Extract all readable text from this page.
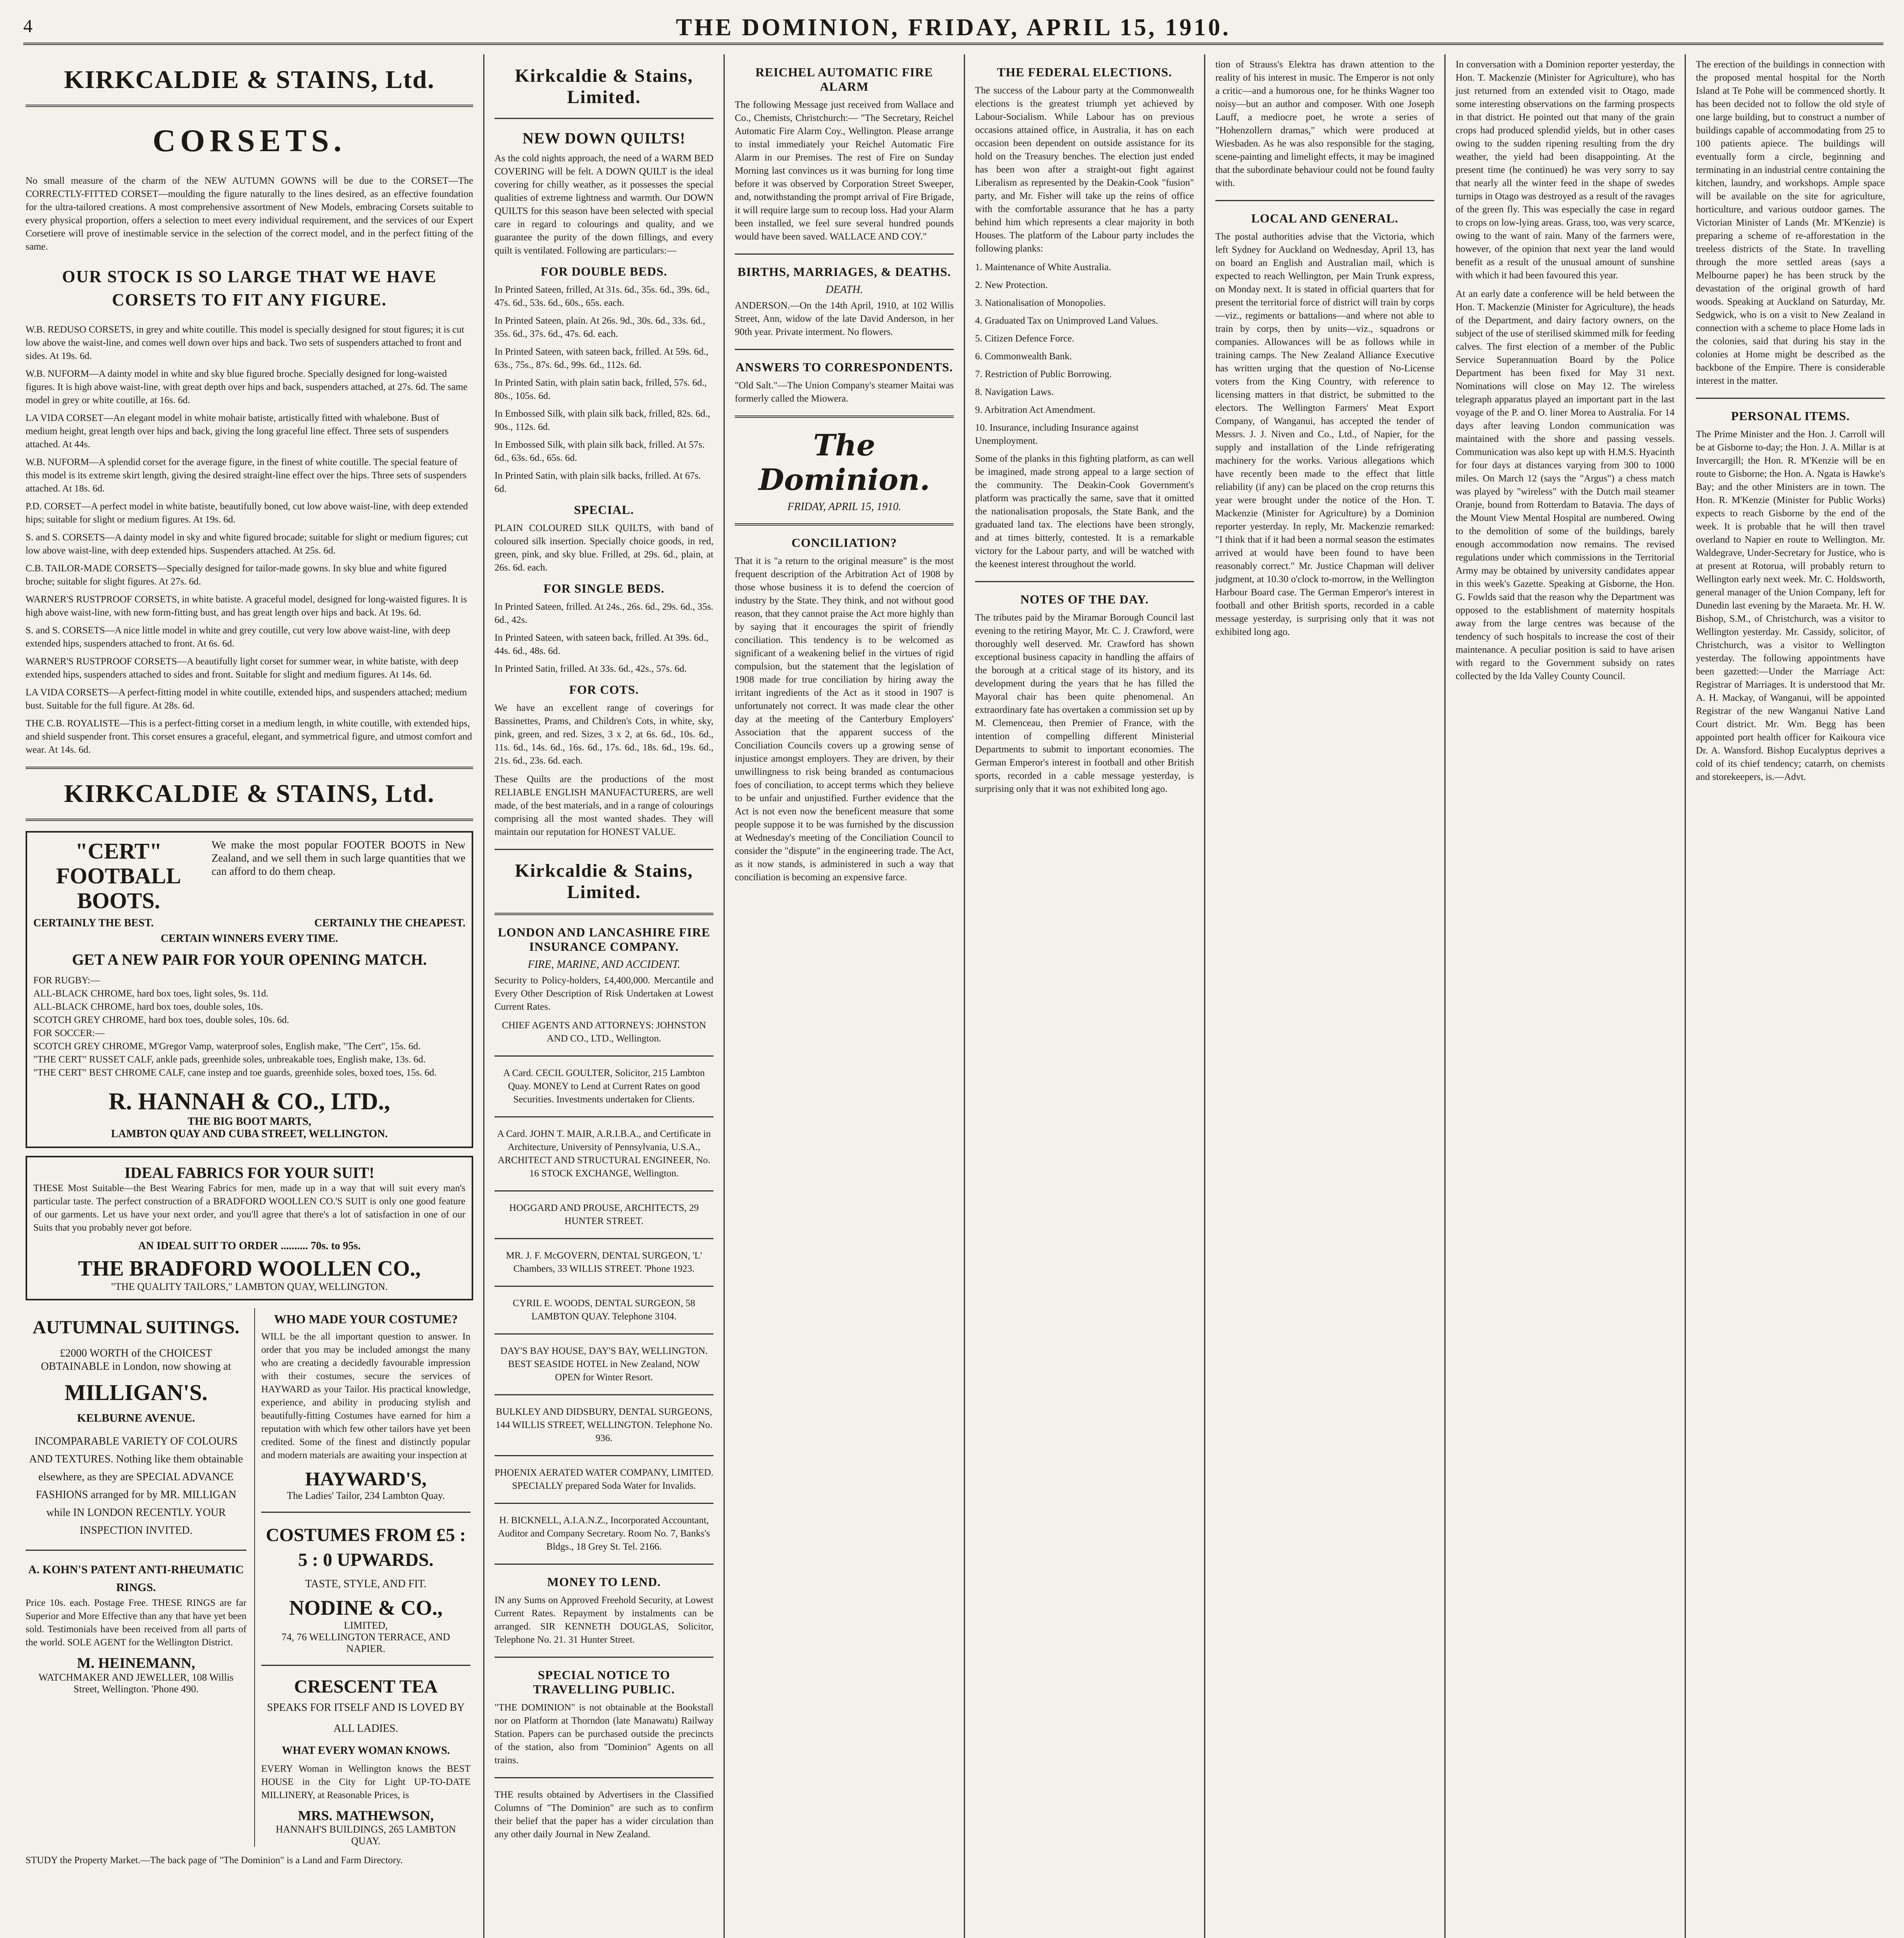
4	THE DOMINION, FRIDAY, APRIL 15, 1910.
KIRKCALDIE & STAINS, Ltd.
CORSETS.

No small measure of the charm of the NEW AUTUMN GOWNS will be due to the CORSET—The CORRECTLY-FITTED CORSET—moulding the figure naturally to the lines desired, as an effective foundation for the ultra-tailored creations. A most comprehensive assortment of New Models, embracing Corsets suitable to every physical proportion, offers a selection to meet every individual requirement, and the services of our Expert Corsetiere will prove of inestimable service in the selection of the correct model, and in the perfect fitting of the same.

OUR STOCK IS SO LARGE THAT WE HAVE CORSETS TO FIT ANY FIGURE.

W.B. REDUSO CORSETS, in grey and white coutille. This model is specially designed for stout figures; it is cut low above the waist-line, and comes well down over hips and back. Two sets of suspenders attached to front and sides. At 19s. 6d.

W.B. NUFORM—A dainty model in white and sky blue figured broche. Specially designed for long-waisted figures. It is high above waist-line, with great depth over hips and back, suspenders attached, at 27s. 6d. The same model in grey or white coutille, at 16s. 6d.

LA VIDA CORSET—An elegant model in white mohair batiste, artistically fitted with whalebone. Bust of medium height, great length over hips and back, giving the long graceful line effect. Three sets of suspenders attached. At 44s.

W.B. NUFORM—A splendid corset for the average figure, in the finest of white coutille. The special feature of this model is its extreme skirt length, giving the desired straight-line effect over the hips. Three sets of suspenders attached. At 18s. 6d.

P.D. CORSET—A perfect model in white batiste, beautifully boned, cut low above waist-line, with deep extended hips; suitable for slight or medium figures. At 19s. 6d.

S. and S. CORSETS—A dainty model in sky and white figured brocade; suitable for slight or medium figures; cut low above waist-line, with deep extended hips. Suspenders attached. At 25s. 6d.

C.B. TAILOR-MADE CORSETS—Specially designed for tailor-made gowns. In sky blue and white figured broche; suitable for slight figures. At 27s. 6d.

WARNER'S RUSTPROOF CORSETS, in white batiste. A graceful model, designed for long-waisted figures. It is high above waist-line, with new form-fitting bust, and has great length over hips and back. At 19s. 6d.

S. and S. CORSETS—A nice little model in white and grey coutille, cut very low above waist-line, with deep extended hips, suspenders attached to front. At 6s. 6d.

WARNER'S RUSTPROOF CORSETS—A beautifully light corset for summer wear, in white batiste, with deep extended hips, suspenders attached to sides and front. Suitable for slight and medium figures. At 14s. 6d.

LA VIDA CORSETS—A perfect-fitting model in white coutille, extended hips, and suspenders attached; medium bust. Suitable for the full figure. At 28s. 6d.

THE C.B. ROYALISTE—This is a perfect-fitting corset in a medium length, in white coutille, with extended hips, and shield suspender front. This corset ensures a graceful, elegant, and symmetrical figure, and utmost comfort and wear. At 14s. 6d.

KIRKCALDIE & STAINS, Ltd.
"CERT" FOOTBALL BOOTS.
We make the most popular FOOTER BOOTS in New Zealand, and we sell them in such large quantities that we can afford to do them cheap.
CERTAINLY THE BEST.	CERTAINLY THE CHEAPEST.
CERTAIN WINNERS EVERY TIME.
GET A NEW PAIR FOR YOUR OPENING MATCH.
FOR RUGBY:—
ALL-BLACK CHROME, hard box toes, light soles, 9s. 11d.
ALL-BLACK CHROME, hard box toes, double soles, 10s.
SCOTCH GREY CHROME, hard box toes, double soles, 10s. 6d.
FOR SOCCER:—
SCOTCH GREY CHROME, M'Gregor Vamp, waterproof soles, English make, "The Cert", 15s. 6d.
"THE CERT" RUSSET CALF, ankle pads, greenhide soles, unbreakable toes, English make, 13s. 6d.
"THE CERT" BEST CHROME CALF, cane instep and toe guards, greenhide soles, boxed toes, 15s. 6d.
R. HANNAH & CO., LTD.,
THE BIG BOOT MARTS,
LAMBTON QUAY AND CUBA STREET, WELLINGTON.
IDEAL FABRICS FOR YOUR SUIT!

THESE Most Suitable—the Best Wearing Fabrics for men, made up in a way that will suit every man's particular taste. The perfect construction of a BRADFORD WOOLLEN CO.'S SUIT is only one good feature of our garments. Let us have your next order, and you'll agree that there's a lot of satisfaction in one of our Suits that you probably never got before.

AN IDEAL SUIT TO ORDER .......... 70s. to 95s.
THE BRADFORD WOOLLEN CO.,
"THE QUALITY TAILORS," LAMBTON QUAY, WELLINGTON.
AUTUMNAL SUITINGS.

£2000 WORTH of the CHOICEST OBTAINABLE in London, now showing at

MILLIGAN'S.
KELBURNE AVENUE.

INCOMPARABLE VARIETY OF COLOURS AND TEXTURES. Nothing like them obtainable elsewhere, as they are SPECIAL ADVANCE FASHIONS arranged for by MR. MILLIGAN while IN LONDON RECENTLY. YOUR INSPECTION INVITED.

A. KOHN'S PATENT ANTI-RHEUMATIC RINGS.

Price 10s. each. Postage Free. THESE RINGS are far Superior and More Effective than any that have yet been sold. Testimonials have been received from all parts of the world. SOLE AGENT for the Wellington District.

M. HEINEMANN,
WATCHMAKER AND JEWELLER, 108 Willis Street, Wellington. 'Phone 490.
WHO MADE YOUR COSTUME?

WILL be the all important question to answer. In order that you may be included amongst the many who are creating a decidedly favourable impression with their costumes, secure the services of HAYWARD as your Tailor. His practical knowledge, experience, and ability in producing stylish and beautifully-fitting Costumes have earned for him a reputation with which few other tailors have yet been credited. Some of the finest and distinctly popular and modern materials are awaiting your inspection at

HAYWARD'S,
The Ladies' Tailor, 234 Lambton Quay.
COSTUMES FROM £5 : 5 : 0 UPWARDS.
TASTE, STYLE, AND FIT.
NODINE & CO.,
LIMITED,
74, 76 WELLINGTON TERRACE, AND NAPIER.
CRESCENT TEA
SPEAKS FOR ITSELF AND IS LOVED BY ALL LADIES.
WHAT EVERY WOMAN KNOWS.

EVERY Woman in Wellington knows the BEST HOUSE in the City for Light UP-TO-DATE MILLINERY, at Reasonable Prices, is

MRS. MATHEWSON,
HANNAH'S BUILDINGS, 265 LAMBTON QUAY.

STUDY the Property Market.—The back page of "The Dominion" is a Land and Farm Directory.

Kirkcaldie & Stains, Limited.
NEW DOWN QUILTS!

As the cold nights approach, the need of a WARM BED COVERING will be felt. A DOWN QUILT is the ideal covering for chilly weather, as it possesses the special qualities of extreme lightness and warmth. Our DOWN QUILTS for this season have been selected with special care in regard to colourings and quality, and we guarantee the purity of the down fillings, and every quilt is ventilated. Following are particulars:—

FOR DOUBLE BEDS.

In Printed Sateen, frilled, At 31s. 6d., 35s. 6d., 39s. 6d., 47s. 6d., 53s. 6d., 60s., 65s. each.

In Printed Sateen, plain. At 26s. 9d., 30s. 6d., 33s. 6d., 35s. 6d., 37s. 6d., 47s. 6d. each.

In Printed Sateen, with sateen back, frilled. At 59s. 6d., 63s., 75s., 87s. 6d., 99s. 6d., 112s. 6d.

In Printed Satin, with plain satin back, frilled, 57s. 6d., 80s., 105s. 6d.

In Embossed Silk, with plain silk back, frilled, 82s. 6d., 90s., 112s. 6d.

In Embossed Silk, with plain silk back, frilled. At 57s. 6d., 63s. 6d., 65s. 6d.

In Printed Satin, with plain silk backs, frilled. At 67s. 6d.

SPECIAL.

PLAIN COLOURED SILK QUILTS, with band of coloured silk insertion. Specially choice goods, in red, green, pink, and sky blue. Frilled, at 29s. 6d., plain, at 26s. 6d. each.

FOR SINGLE BEDS.

In Printed Sateen, frilled. At 24s., 26s. 6d., 29s. 6d., 35s. 6d., 42s.

In Printed Sateen, with sateen back, frilled. At 39s. 6d., 44s. 6d., 48s. 6d.

In Printed Satin, frilled. At 33s. 6d., 42s., 57s. 6d.

FOR COTS.

We have an excellent range of coverings for Bassinettes, Prams, and Children's Cots, in white, sky, pink, green, and red. Sizes, 3 x 2, at 6s. 6d., 10s. 6d., 11s. 6d., 14s. 6d., 16s. 6d., 17s. 6d., 18s. 6d., 19s. 6d., 21s. 6d., 23s. 6d. each.

These Quilts are the productions of the most RELIABLE ENGLISH MANUFACTURERS, are well made, of the best materials, and in a range of colourings comprising all the most wanted shades. They will maintain our reputation for HONEST VALUE.

Kirkcaldie & Stains, Limited.
LONDON AND LANCASHIRE FIRE INSURANCE COMPANY.
FIRE, MARINE, AND ACCIDENT.

Security to Policy-holders, £4,400,000. Mercantile and Every Other Description of Risk Undertaken at Lowest Current Rates.

CHIEF AGENTS AND ATTORNEYS: JOHNSTON AND CO., LTD., Wellington.

A Card. CECIL GOULTER, Solicitor, 215 Lambton Quay. MONEY to Lend at Current Rates on good Securities. Investments undertaken for Clients.

A Card. JOHN T. MAIR, A.R.I.B.A., and Certificate in Architecture, University of Pennsylvania, U.S.A., ARCHITECT AND STRUCTURAL ENGINEER, No. 16 STOCK EXCHANGE, Wellington.

HOGGARD AND PROUSE, ARCHITECTS, 29 HUNTER STREET.

MR. J. F. McGOVERN, DENTAL SURGEON, 'L' Chambers, 33 WILLIS STREET. 'Phone 1923.

CYRIL E. WOODS, DENTAL SURGEON, 58 LAMBTON QUAY. Telephone 3104.

DAY'S BAY HOUSE, DAY'S BAY, WELLINGTON. BEST SEASIDE HOTEL in New Zealand, NOW OPEN for Winter Resort.

BULKLEY AND DIDSBURY, DENTAL SURGEONS, 144 WILLIS STREET, WELLINGTON. Telephone No. 936.

PHOENIX AERATED WATER COMPANY, LIMITED. SPECIALLY prepared Soda Water for Invalids.

H. BICKNELL, A.I.A.N.Z., Incorporated Accountant, Auditor and Company Secretary. Room No. 7, Banks's Bldgs., 18 Grey St. Tel. 2166.

MONEY TO LEND.

IN any Sums on Approved Freehold Security, at Lowest Current Rates. Repayment by instalments can be arranged. SIR KENNETH DOUGLAS, Solicitor, Telephone No. 21. 31 Hunter Street.

SPECIAL NOTICE TO TRAVELLING PUBLIC.

"THE DOMINION" is not obtainable at the Bookstall nor on Platform at Thorndon (late Manawatu) Railway Station. Papers can be purchased outside the precincts of the station, also from "Dominion" Agents on all trains.

THE results obtained by Advertisers in the Classified Columns of "The Dominion" are such as to confirm their belief that the paper has a wider circulation than any other daily Journal in New Zealand.

REICHEL AUTOMATIC FIRE ALARM

The following Message just received from Wallace and Co., Chemists, Christchurch:— "The Secretary, Reichel Automatic Fire Alarm Coy., Wellington. Please arrange to instal immediately your Reichel Automatic Fire Alarm in our Premises. The rest of Fire on Sunday Morning last convinces us it was burning for long time before it was observed by Corporation Street Sweeper, and, notwithstanding the prompt arrival of Fire Brigade, it will require large sum to recoup loss. Had your Alarm been installed, we feel sure several hundred pounds would have been saved. WALLACE AND COY."

BIRTHS, MARRIAGES, & DEATHS.
DEATH.

ANDERSON.—On the 14th April, 1910, at 102 Willis Street, Ann, widow of the late David Anderson, in her 90th year. Private interment. No flowers.

ANSWERS TO CORRESPONDENTS.

"Old Salt."—The Union Company's steamer Maitai was formerly called the Miowera.

The Dominion.
FRIDAY, APRIL 15, 1910.
CONCILIATION?

That it is "a return to the original measure" is the most frequent description of the Arbitration Act of 1908 by those whose business it is to defend the coercion of industry by the State. They think, and not without good reason, that they cannot praise the Act more highly than by saying that it encourages the spirit of friendly conciliation. This tendency is to be welcomed as significant of a weakening belief in the virtues of rigid compulsion, but the statement that the legislation of 1908 made for true conciliation by hiring away the irritant ingredients of the Act as it stood in 1907 is unfortunately not correct. It was made clear the other day at the meeting of the Canterbury Employers' Association that the apparent success of the Conciliation Councils covers up a growing sense of injustice amongst employers. They are driven, by their unwillingness to risk being branded as contumacious foes of conciliation, to accept terms which they believe to be unfair and unjustified. Further evidence that the Act is not even now the beneficent measure that some people suppose it to be was furnished by the discussion at Wednesday's meeting of the Conciliation Council to consider the "dispute" in the engineering trade. The Act, as it now stands, is administered in such a way that conciliation is becoming an expensive farce.

THE FEDERAL ELECTIONS.

The success of the Labour party at the Commonwealth elections is the greatest triumph yet achieved by Labour-Socialism. While Labour has on previous occasions attained office, in Australia, it has on each occasion been dependent on outside assistance for its hold on the Treasury benches. The election just ended has been won after a straight-out fight against Liberalism as represented by the Deakin-Cook "fusion" party, and Mr. Fisher will take up the reins of office with the comfortable assurance that he has a party behind him which represents a clear majority in both Houses. The platform of the Labour party includes the following planks:

1. Maintenance of White Australia.

2. New Protection.

3. Nationalisation of Monopolies.

4. Graduated Tax on Unimproved Land Values.

5. Citizen Defence Force.

6. Commonwealth Bank.

7. Restriction of Public Borrowing.

8. Navigation Laws.

9. Arbitration Act Amendment.

10. Insurance, including Insurance against Unemployment.

Some of the planks in this fighting platform, as can well be imagined, made strong appeal to a large section of the community. The Deakin-Cook Government's platform was practically the same, save that it omitted the nationalisation proposals, the State Bank, and the graduated land tax. The elections have been strongly, and at times bitterly, contested. It is a remarkable victory for the Labour party, and will be watched with the keenest interest throughout the world.

NOTES OF THE DAY.

The tributes paid by the Miramar Borough Council last evening to the retiring Mayor, Mr. C. J. Crawford, were thoroughly well deserved. Mr. Crawford has shown exceptional business capacity in handling the affairs of the borough at a critical stage of its history, and its development during the years that he has filled the Mayoral chair has been quite phenomenal. An extraordinary fate has overtaken a commission set up by M. Clemenceau, then Premier of France, with the intention of compelling different Ministerial Departments to submit to important economies. The German Emperor's interest in football and other British sports, recorded in a cable message yesterday, is surprising only that it was not exhibited long ago.

tion of Strauss's Elektra has drawn attention to the reality of his interest in music. The Emperor is not only a critic—and a humorous one, for he thinks Wagner too noisy—but an author and composer. With one Joseph Lauff, a mediocre poet, he wrote a series of "Hohenzollern dramas," which were produced at Wiesbaden. As he was also responsible for the staging, scene-painting and limelight effects, it may be imagined that the subordinate behaviour could not be found faulty with.

LOCAL AND GENERAL.

The postal authorities advise that the Victoria, which left Sydney for Auckland on Wednesday, April 13, has on board an English and Australian mail, which is expected to reach Wellington, per Main Trunk express, on Monday next. It is stated in official quarters that for present the territorial force of district will train by corps—viz., regiments or battalions—and where not able to train by corps, then by units—viz., squadrons or companies. Allowances will be as follows while in training camps. The New Zealand Alliance Executive has written urging that the question of No-License voters from the King Country, with reference to licensing matters in that district, be submitted to the electors. The Wellington Farmers' Meat Export Company, of Wanganui, has accepted the tender of Messrs. J. J. Niven and Co., Ltd., of Napier, for the supply and installation of the Linde refrigerating machinery for the works. Various allegations which have recently been made to the effect that little reliability (if any) can be placed on the crop returns this year were brought under the notice of the Hon. T. Mackenzie (Minister for Agriculture) by a Dominion reporter yesterday. In reply, Mr. Mackenzie remarked: "I think that if it had been a normal season the estimates arrived at would have been found to have been reasonably correct." Mr. Justice Chapman will deliver judgment, at 10.30 o'clock to-morrow, in the Wellington Harbour Board case. The German Emperor's interest in football and other British sports, recorded in a cable message yesterday, is surprising only that it was not exhibited long ago.

In conversation with a Dominion reporter yesterday, the Hon. T. Mackenzie (Minister for Agriculture), who has just returned from an extended visit to Otago, made some interesting observations on the farming prospects in that district. He pointed out that many of the grain crops had produced splendid yields, but in other cases owing to the sudden ripening resulting from the dry weather, the yield had been disappointing. At the present time (he continued) he was very sorry to say that nearly all the winter feed in the shape of swedes turnips in Otago was destroyed as a result of the ravages of the green fly. This was especially the case in regard to crops on low-lying areas. Grass, too, was very scarce, owing to the want of rain. Many of the farmers were, however, of the opinion that next year the land would benefit as a result of the unusual amount of sunshine with which it had been favoured this year.

At an early date a conference will be held between the Hon. T. Mackenzie (Minister for Agriculture), the heads of the Department, and dairy factory owners, on the subject of the use of sterilised skimmed milk for feeding calves. The first election of a member of the Public Service Superannuation Board by the Police Department has been fixed for May 31 next. Nominations will close on May 12. The wireless telegraph apparatus played an important part in the last voyage of the P. and O. liner Morea to Australia. For 14 days after leaving London communication was maintained with the shore and passing vessels. Communication was also kept up with H.M.S. Hyacinth for four days at distances varying from 300 to 1000 miles. On March 12 (says the "Argus") a chess match was played by "wireless" with the Dutch mail steamer Oranje, bound from Rotterdam to Batavia. The days of the Mount View Mental Hospital are numbered. Owing to the demolition of some of the buildings, barely enough accommodation now remains. The revised regulations under which commissions in the Territorial Army may be obtained by university candidates appear in this week's Gazette. Speaking at Gisborne, the Hon. G. Fowlds said that the reason why the Department was opposed to the establishment of maternity hospitals away from the large centres was because of the tendency of such hospitals to increase the cost of their maintenance. A peculiar position is said to have arisen with regard to the Government subsidy on rates collected by the Ida Valley County Council.

The erection of the buildings in connection with the proposed mental hospital for the North Island at Te Pohe will be commenced shortly. It has been decided not to follow the old style of one large building, but to construct a number of buildings capable of accommodating from 25 to 100 patients apiece. The buildings will eventually form a circle, beginning and terminating in an industrial centre containing the kitchen, laundry, and workshops. Ample space will be available on the site for agriculture, horticulture, and various outdoor games. The Victorian Minister of Lands (Mr. M'Kenzie) is preparing a scheme of re-afforestation in the treeless districts of the State. In travelling through the more settled areas (says a Melbourne paper) he has been struck by the devastation of the original growth of hard woods. Speaking at Auckland on Saturday, Mr. Sedgwick, who is on a visit to New Zealand in connection with a scheme to place Home lads in the colonies, said that during his stay in the colonies at Home might be described as the backbone of the Empire. There is considerable interest in the matter.

PERSONAL ITEMS.

The Prime Minister and the Hon. J. Carroll will be at Gisborne to-day; the Hon. J. A. Millar is at Invercargill; the Hon. R. M'Kenzie will be en route to Gisborne; the Hon. A. Ngata is Hawke's Bay; and the other Ministers are in town. The Hon. R. M'Kenzie (Minister for Public Works) expects to reach Gisborne by the end of the week. It is probable that he will then travel overland to Napier en route to Wellington. Mr. Waldegrave, Under-Secretary for Justice, who is at present at Rotorua, will probably return to Wellington early next week. Mr. C. Holdsworth, general manager of the Union Company, left for Dunedin last evening by the Maraeta. Mr. H. W. Bishop, S.M., of Christchurch, was a visitor to Wellington yesterday. Mr. Cassidy, solicitor, of Christchurch, was a visitor to Wellington yesterday. The following appointments have been gazetted:—Under the Marriage Act: Registrar of Marriages. It is understood that Mr. A. H. Mackay, of Wanganui, will be appointed Registrar of the new Wanganui Native Land Court district. Mr. Wm. Begg has been appointed port health officer for Kaikoura vice Dr. A. Wansford. Bishop Eucalyptus deprives a cold of its chief tendency; catarrh, on chemists and storekeepers, is.—Advt.
